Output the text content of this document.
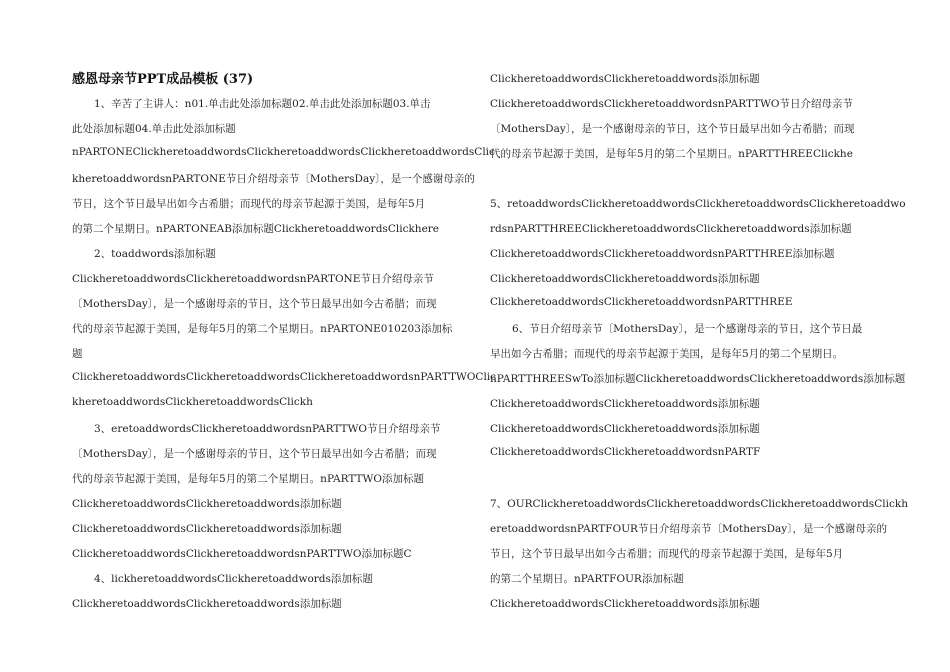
感恩母亲节PPT成品模板 (37)
1、辛苦了主讲人：n01.单击此处添加标题02.单击此处添加标题03.单击
此处添加标题04.单击此处添加标题
nPARTONEClickheretoaddwordsClickheretoaddwordsClickheretoaddwordsClic
kheretoaddwordsnPARTONE节日介绍母亲节〔MothersDay〕，是一个感谢母亲的
节日，这个节日最早出如今古希腊；而现代的母亲节起源于美国，是每年5月
的第二个星期日。nPARTONEAB添加标题ClickheretoaddwordsClickhere
2、toaddwords添加标题
ClickheretoaddwordsClickheretoaddwordsnPARTONE节日介绍母亲节
〔MothersDay〕，是一个感谢母亲的节日，这个节日最早出如今古希腊；而现
代的母亲节起源于美国，是每年5月的第二个星期日。nPARTONE010203添加标
题
ClickheretoaddwordsClickheretoaddwordsClickheretoaddwordsnPARTTWOClic
kheretoaddwordsClickheretoaddwordsClickh
3、eretoaddwordsClickheretoaddwordsnPARTTWO节日介绍母亲节
〔MothersDay〕，是一个感谢母亲的节日，这个节日最早出如今古希腊；而现
代的母亲节起源于美国，是每年5月的第二个星期日。nPARTTWO添加标题
ClickheretoaddwordsClickheretoaddwords添加标题
ClickheretoaddwordsClickheretoaddwords添加标题
ClickheretoaddwordsClickheretoaddwordsnPARTTWO添加标题C
4、lickheretoaddwordsClickheretoaddwords添加标题
ClickheretoaddwordsClickheretoaddwords添加标题
ClickheretoaddwordsClickheretoaddwords添加标题
ClickheretoaddwordsClickheretoaddwordsnPARTTWO节日介绍母亲节
〔MothersDay〕，是一个感谢母亲的节日，这个节日最早出如今古希腊；而现
代的母亲节起源于美国，是每年5月的第二个星期日。nPARTTHREEClickhe
5、retoaddwordsClickheretoaddwordsClickheretoaddwordsClickheretoaddwo
rdsnPARTTHREEClickheretoaddwordsClickheretoaddwords添加标题
ClickheretoaddwordsClickheretoaddwordsnPARTTHREE添加标题
ClickheretoaddwordsClickheretoaddwords添加标题
ClickheretoaddwordsClickheretoaddwordsnPARTTHREE
6、节日介绍母亲节〔MothersDay〕，是一个感谢母亲的节日，这个节日最
早出如今古希腊；而现代的母亲节起源于美国，是每年5月的第二个星期日。
nPARTTHREESwTo添加标题ClickheretoaddwordsClickheretoaddwords添加标题
ClickheretoaddwordsClickheretoaddwords添加标题
ClickheretoaddwordsClickheretoaddwords添加标题
ClickheretoaddwordsClickheretoaddwordsnPARTF
7、OURClickheretoaddwordsClickheretoaddwordsClickheretoaddwordsClickh
eretoaddwordsnPARTFOUR节日介绍母亲节〔MothersDay〕，是一个感谢母亲的
节日，这个节日最早出如今古希腊；而现代的母亲节起源于美国，是每年5月
的第二个星期日。nPARTFOUR添加标题
ClickheretoaddwordsClickheretoaddwords添加标题
